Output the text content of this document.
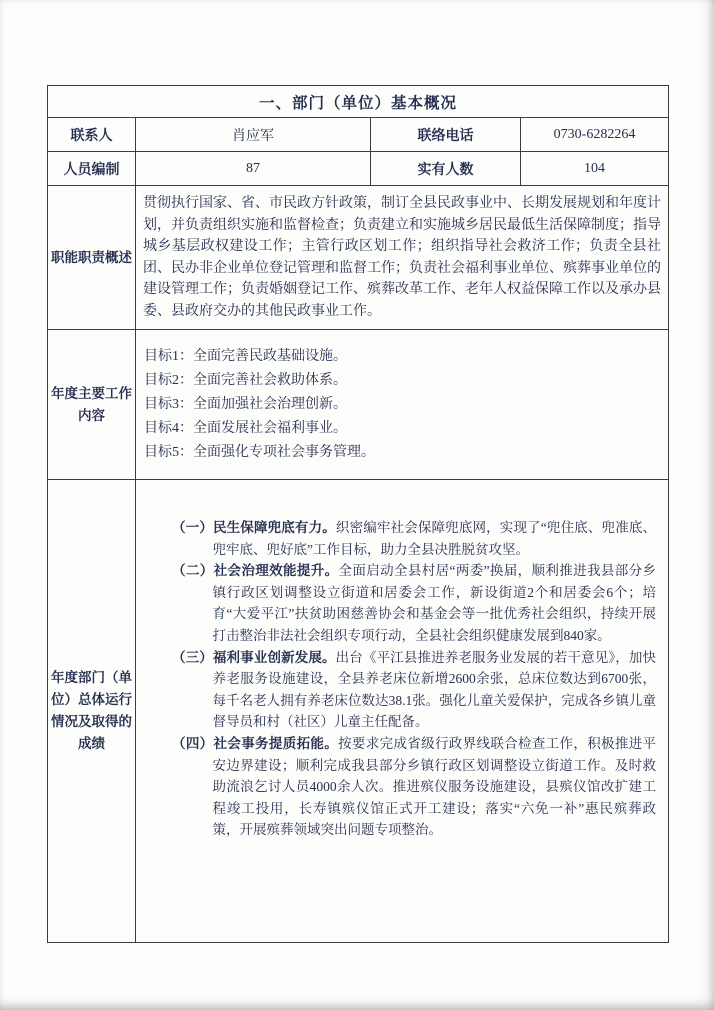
一、部门（单位）基本概况			
联系人	肖应军	联络电话	0730-6282264
人员编制	87	实有人数	104
职能职责概述	贯彻执行国家、省、市民政方针政策，制订全县民政事业中、长期发展规划和年度计划，并负责组织实施和监督检查；负责建立和实施城乡居民最低生活保障制度；指导城乡基层政权建设工作；主管行政区划工作；组织指导社会救济工作；负责全县社团、民办非企业单位登记管理和监督工作；负责社会福利事业单位、殡葬事业单位的建设管理工作；负责婚姻登记工作、殡葬改革工作、老年人权益保障工作以及承办县委、县政府交办的其他民政事业工作。		
年度主要工作内容	目标1：全面完善民政基础设施。
目标2：全面完善社会救助体系。
目标3：全面加强社会治理创新。
目标4：全面发展社会福利事业。
目标5：全面强化专项社会事务管理。		

年度部门（单位）总体运行情况及取得的成绩	（一）民生保障兜底有力。织密编牢社会保障兜底网，实现了“兜住底、兜准底、兜牢底、兜好底”工作目标，助力全县决胜脱贫攻坚。
（二）社会治理效能提升。全面启动全县村居“两委”换届，顺利推进我县部分乡镇行政区划调整设立街道和居委会工作，新设街道2个和居委会6个；培育“大爱平江”扶贫助困慈善协会和基金会等一批优秀社会组织，持续开展打击整治非法社会组织专项行动，全县社会组织健康发展到840家。
（三）福利事业创新发展。出台《平江县推进养老服务业发展的若干意见》，加快养老服务设施建设，全县养老床位新增2600余张，总床位数达到6700张，每千名老人拥有养老床位数达38.1张。强化儿童关爱保护，完成各乡镇儿童督导员和村（社区）儿童主任配备。
（四）社会事务提质拓能。按要求完成省级行政界线联合检查工作，积极推进平安边界建设；顺利完成我县部分乡镇行政区划调整设立街道工作。及时救助流浪乞讨人员4000余人次。推进殡仪服务设施建设，县殡仪馆改扩建工程竣工投用，长寿镇殡仪馆正式开工建设；落实“六免一补”惠民殡葬政策，开展殡葬领域突出问题专项整治。		
